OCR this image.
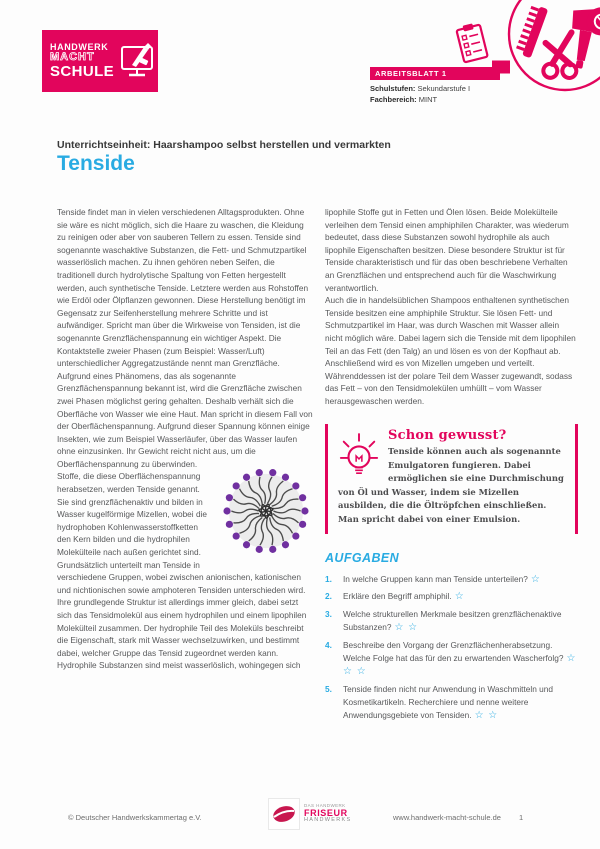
HANDWERK
MACHT
SCHULE	ARBEITSBLATT 1
Schulstufen: Sekundarstufe I
Fachbereich: MINT
Unterrichtseinheit: Haarshampoo selbst herstellen und vermarkten
Tenside

Tenside findet man in vielen verschiedenen Alltagsprodukten. Ohne sie wäre es nicht möglich, sich die Haare zu waschen, die Kleidung zu reinigen oder aber von sauberen Tellern zu essen. Tenside sind sogenannte waschaktive Substanzen, die Fett- und Schmutzpartikel wasserlöslich machen. Zu ihnen gehören neben Seifen, die traditionell durch hydrolytische Spaltung von Fetten hergestellt werden, auch synthetische Tenside. Letztere werden aus Rohstoffen wie Erdöl oder Ölpflanzen gewonnen. Diese Herstellung benötigt im Gegensatz zur Seifenherstellung mehrere Schritte und ist aufwändiger. Spricht man über die Wirkweise von Tensiden, ist die sogenannte Grenzflächenspannung ein wichtiger Aspekt. Die Kontaktstelle zweier Phasen (zum Beispiel: Wasser/Luft) unterschiedlicher Aggregatzustände nennt man Grenzfläche. Aufgrund eines Phänomens, das als sogenannte Grenzflächenspannung bekannt ist, wird die Grenzfläche zwischen zwei Phasen möglichst gering gehalten. Deshalb verhält sich die Oberfläche von Wasser wie eine Haut. Man spricht in diesem Fall von der Oberflächenspannung. Aufgrund dieser Spannung können einige Insekten, wie zum Beispiel Wasserläufer, über das Wasser laufen ohne einzusinken. Ihr Gewicht reicht nicht aus, um die Oberflächenspannung zu überwinden.

Stoffe, die diese Oberflächenspannung herabsetzen, werden Tenside genannt. Sie sind grenzflächenaktiv und bilden in Wasser kugelförmige Mizellen, wobei die hydrophoben Kohlenwasserstoffketten den Kern bilden und die hydrophilen Molekülteile nach außen gerichtet sind.

Grundsätzlich unterteilt man Tenside in verschiedene Gruppen, wobei zwischen anionischen, kationischen und nichtionischen sowie amphoteren Tensiden unterschieden wird. Ihre grundlegende Struktur ist allerdings immer gleich, dabei setzt sich das Tensidmolekül aus einem hydrophilen und einem lipophilen Molekülteil zusammen. Der hydrophile Teil des Moleküls beschreibt die Eigenschaft, stark mit Wasser wechselzuwirken, und bestimmt dabei, welcher Gruppe das Tensid zugeordnet werden kann. Hydrophile Substanzen sind meist wasserlöslich, wohingegen sich

lipophile Stoffe gut in Fetten und Ölen lösen. Beide Molekülteile verleihen dem Tensid einen amphiphilen Charakter, was wiederum bedeutet, dass diese Substanzen sowohl hydrophile als auch lipophile Eigenschaften besitzen. Diese besondere Struktur ist für Tenside charakteristisch und für das oben beschriebene Verhalten an Grenzflächen und entsprechend auch für die Waschwirkung verantwortlich.

Auch die in handelsüblichen Shampoos enthaltenen synthetischen Tenside besitzen eine amphiphile Struktur. Sie lösen Fett- und Schmutzpartikel im Haar, was durch Waschen mit Wasser allein nicht möglich wäre. Dabei lagern sich die Tenside mit dem lipophilen Teil an das Fett (den Talg) an und lösen es von der Kopfhaut ab. Anschließend wird es von Mizellen umgeben und verteilt. Währenddessen ist der polare Teil dem Wasser zugewandt, sodass das Fett – von den Tensidmolekülen umhüllt – vom Wasser herausgewaschen werden.

Schon gewusst?

Tenside können auch als sogenannte Emulgatoren fungieren. Dabei ermöglichen sie eine Durchmischung von Öl und Wasser, indem sie Mizellen ausbilden, die die Öltröpfchen einschließen. Man spricht dabei von einer Emulsion.

AUFGABEN
1.	In welche Gruppen kann man Tenside unterteilen? ☆
2.	Erkläre den Begriff amphiphil. ☆
3.	Welche strukturellen Merkmale besitzen grenzflächenaktive Substanzen? ☆ ☆
4.	Beschreibe den Vorgang der Grenzflächenherabsetzung. Welche Folge hat das für den zu erwartenden Wascherfolg? ☆ ☆ ☆
5.	Tenside finden nicht nur Anwendung in Waschmitteln und Kosmetikartikeln. Recherchiere und nenne weitere Anwendungsgebiete von Tensiden. ☆ ☆
© Deutscher Handwerkskammertag e.V.
DAS HANDWERK
FRISEUR
HANDWERKS	www.handwerk-macht-schule.de 1
